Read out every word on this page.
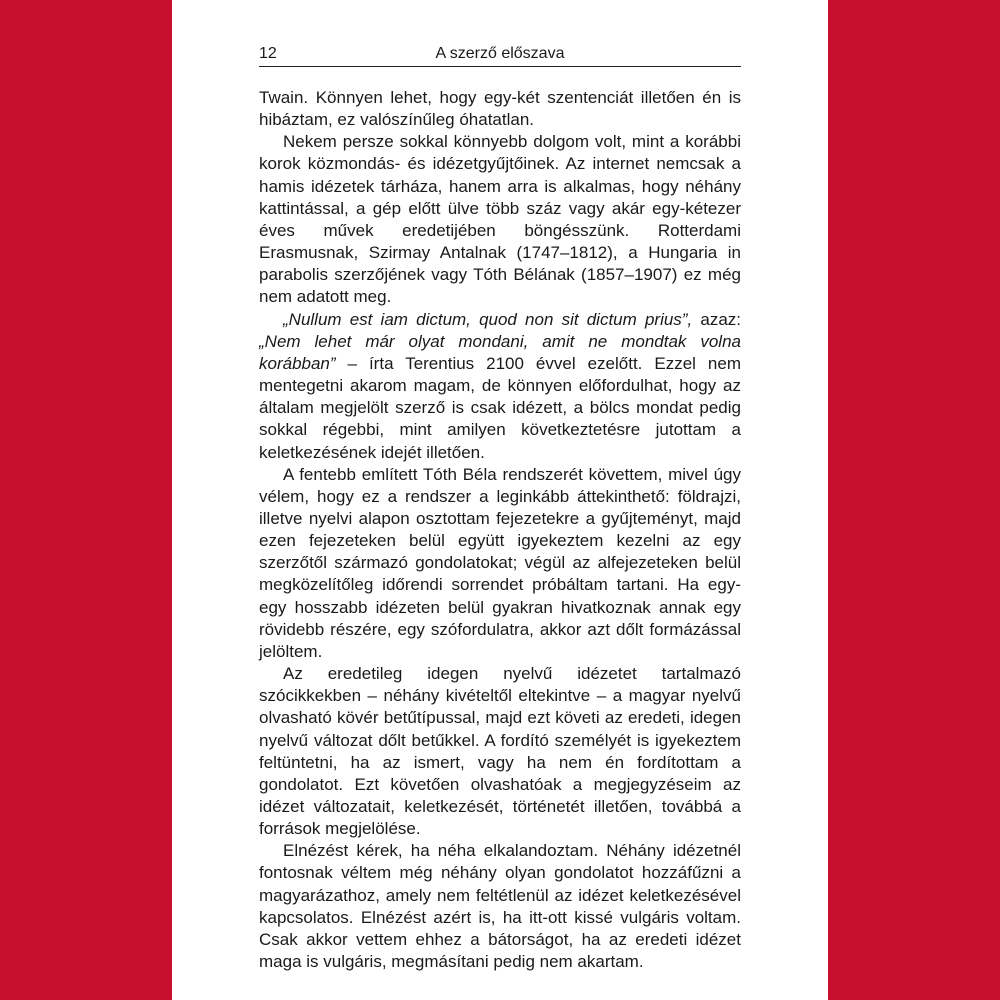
12	A szerző előszava

Twain. Könnyen lehet, hogy egy-két szentenciát illetően én is hibáztam, ez valószínűleg óhatatlan.

Nekem persze sokkal könnyebb dolgom volt, mint a korábbi korok közmondás- és idézetgyűjtőinek. Az internet nemcsak a hamis idézetek tárháza, hanem arra is alkalmas, hogy néhány kattintással, a gép előtt ülve több száz vagy akár egy-kétezer éves művek eredetijében böngésszünk. Rotterdami Erasmusnak, Szirmay Antalnak (1747–1812), a Hungaria in parabolis szerzőjének vagy Tóth Bélának (1857–1907) ez még nem adatott meg.

„Nullum est iam dictum, quod non sit dictum prius”, azaz: „Nem lehet már olyat mondani, amit ne mondtak volna korábban” – írta Terentius 2100 évvel ezelőtt. Ezzel nem mentegetni akarom magam, de könnyen előfordulhat, hogy az általam megjelölt szerző is csak idézett, a bölcs mondat pedig sokkal régebbi, mint amilyen következtetésre jutottam a keletkezésének idejét illetően.

A fentebb említett Tóth Béla rendszerét követtem, mivel úgy vélem, hogy ez a rendszer a leginkább áttekinthető: földrajzi, illetve nyelvi alapon osztottam fejezetekre a gyűjteményt, majd ezen fejezeteken belül együtt igyekeztem kezelni az egy szerzőtől származó gondolatokat; végül az alfejezeteken belül megközelítőleg időrendi sorrendet próbáltam tartani. Ha egy-egy hosszabb idézeten belül gyakran hivatkoznak annak egy rövidebb részére, egy szófordulatra, akkor azt dőlt formázással jelöltem.

Az eredetileg idegen nyelvű idézetet tartalmazó szócikkekben – néhány kivételtől eltekintve – a magyar nyelvű olvasható kövér betűtípussal, majd ezt követi az eredeti, idegen nyelvű változat dőlt betűkkel. A fordító személyét is igyekeztem feltüntetni, ha az ismert, vagy ha nem én fordítottam a gondolatot. Ezt követően olvashatóak a megjegyzéseim az idézet változatait, keletkezését, történetét illetően, továbbá a források megjelölése.

Elnézést kérek, ha néha elkalandoztam. Néhány idézetnél fontosnak véltem még néhány olyan gondolatot hozzáfűzni a magyarázathoz, amely nem feltétlenül az idézet keletkezésével kapcsolatos. Elnézést azért is, ha itt-ott kissé vulgáris voltam. Csak akkor vettem ehhez a bátorságot, ha az eredeti idézet maga is vulgáris, megmásítani pedig nem akartam.
